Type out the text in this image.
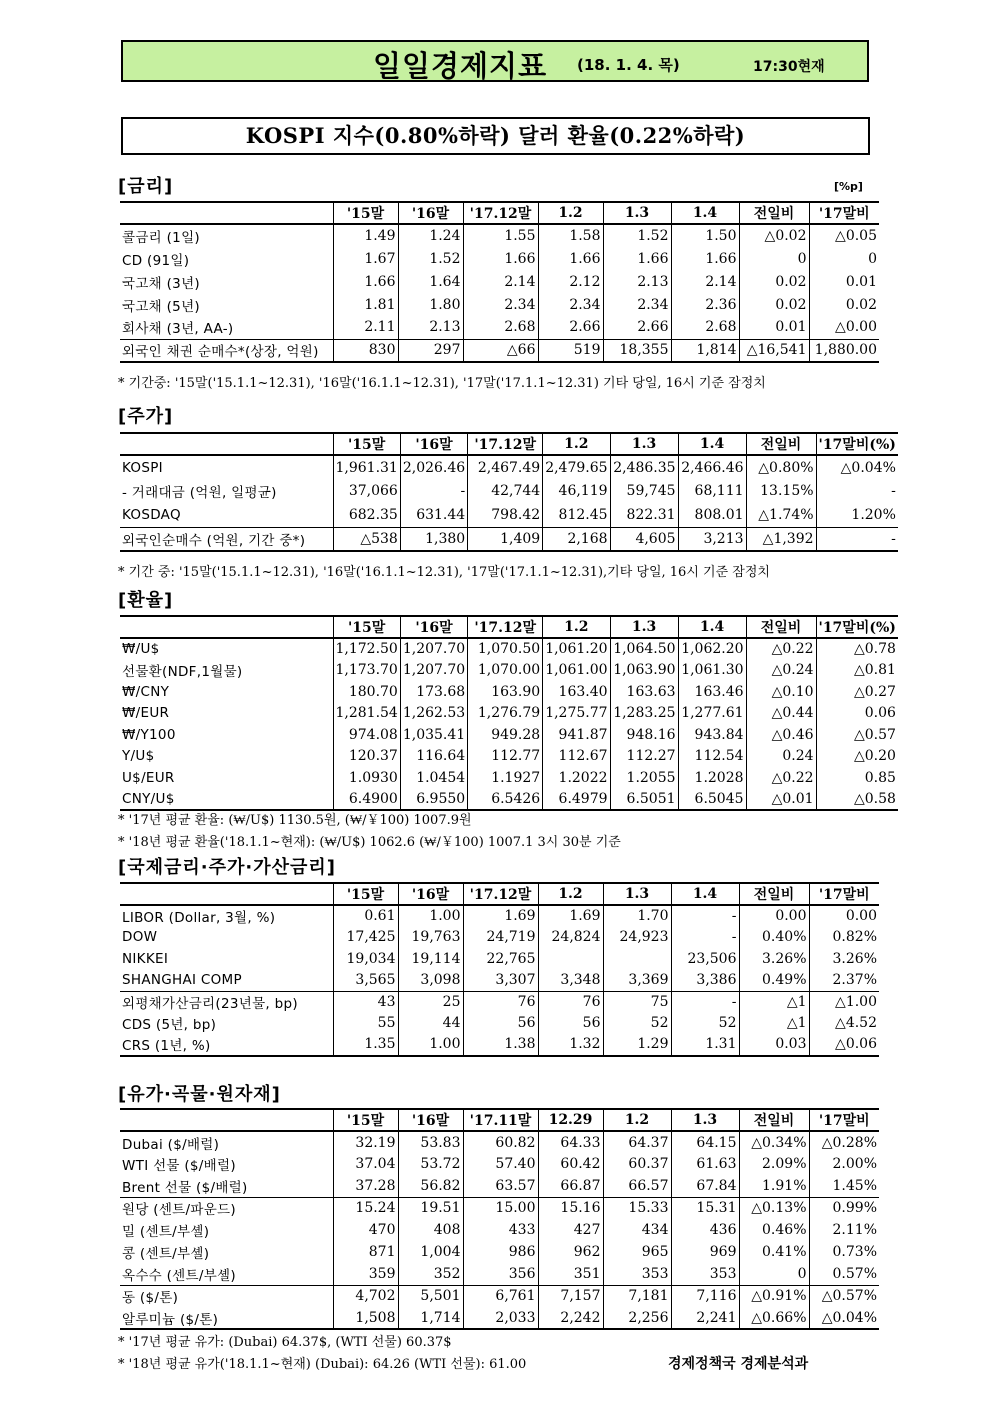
일일경제지표 (18. 1. 4. 목)	17:30현재
KOSPI 지수(0.80%하락) 달러 환율(0.22%하락)
[금리]	[%p]
	'15말	'16말	'17.12말	1.2	1.3	1.4	전일비	'17말비
콜금리 (1일)	1.49	1.24	1.55	1.58	1.52	1.50	△0.02	△0.05
CD (91일)	1.67	1.52	1.66	1.66	1.66	1.66	0	0
국고채 (3년)	1.66	1.64	2.14	2.12	2.13	2.14	0.02	0.01
국고채 (5년)	1.81	1.80	2.34	2.34	2.34	2.36	0.02	0.02
회사채 (3년, AA-)	2.11	2.13	2.68	2.66	2.66	2.68	0.01	△0.00
외국인 채권 순매수*(상장, 억원)	830	297	△66	519	18,355	1,814	△16,541	1,880.00
* 기간중: '15말('15.1.1~12.31), '16말('16.1.1~12.31), '17말('17.1.1~12.31) 기타 당일, 16시 기준 잠정치
[주가]
	'15말	'16말	'17.12말	1.2	1.3	1.4	전일비	'17말비(%)
KOSPI	1,961.31	2,026.46	2,467.49	2,479.65	2,486.35	2,466.46	△0.80%	△0.04%
- 거래대금 (억원, 일평균)	37,066	-	42,744	46,119	59,745	68,111	13.15%	-
KOSDAQ	682.35	631.44	798.42	812.45	822.31	808.01	△1.74%	1.20%
외국인순매수 (억원, 기간 중*)	△538	1,380	1,409	2,168	4,605	3,213	△1,392	-
* 기간 중: '15말('15.1.1~12.31), '16말('16.1.1~12.31), '17말('17.1.1~12.31),기타 당일, 16시 기준 잠정치
[환율]
	'15말	'16말	'17.12말	1.2	1.3	1.4	전일비	'17말비(%)
₩/U$	1,172.50	1,207.70	1,070.50	1,061.20	1,064.50	1,062.20	△0.22	△0.78
선물환(NDF,1월물)	1,173.70	1,207.70	1,070.00	1,061.00	1,063.90	1,061.30	△0.24	△0.81
₩/CNY	180.70	173.68	163.90	163.40	163.63	163.46	△0.10	△0.27
₩/EUR	1,281.54	1,262.53	1,276.79	1,275.77	1,283.25	1,277.61	△0.44	0.06
₩/Y100	974.08	1,035.41	949.28	941.87	948.16	943.84	△0.46	△0.57
Y/U$	120.37	116.64	112.77	112.67	112.27	112.54	0.24	△0.20
U$/EUR	1.0930	1.0454	1.1927	1.2022	1.2055	1.2028	△0.22	0.85
CNY/U$	6.4900	6.9550	6.5426	6.4979	6.5051	6.5045	△0.01	△0.58
* '17년 평균 환율: (₩/U$) 1130.5원, (₩/￥100) 1007.9원
* '18년 평균 환율('18.1.1~현재): (₩/U$) 1062.6 (₩/￥100) 1007.1 3시 30분 기준
[국제금리·주가·가산금리]
	'15말	'16말	'17.12말	1.2	1.3	1.4	전일비	'17말비
LIBOR (Dollar, 3월, %)	0.61	1.00	1.69	1.69	1.70	-	0.00	0.00
DOW	17,425	19,763	24,719	24,824	24,923	-	0.40%	0.82%
NIKKEI	19,034	19,114	22,765			23,506	3.26%	3.26%
SHANGHAI COMP	3,565	3,098	3,307	3,348	3,369	3,386	0.49%	2.37%
외평채가산금리(23년물, bp)	43	25	76	76	75	-	△1	△1.00
CDS (5년, bp)	55	44	56	56	52	52	△1	△4.52
CRS (1년, %)	1.35	1.00	1.38	1.32	1.29	1.31	0.03	△0.06
[유가·곡물·원자재]
	'15말	'16말	'17.11말	12.29	1.2	1.3	전일비	'17말비
Dubai ($/배럴)	32.19	53.83	60.82	64.33	64.37	64.15	△0.34%	△0.28%
WTI 선물 ($/배럴)	37.04	53.72	57.40	60.42	60.37	61.63	2.09%	2.00%
Brent 선물 ($/배럴)	37.28	56.82	63.57	66.87	66.57	67.84	1.91%	1.45%
원당 (센트/파운드)	15.24	19.51	15.00	15.16	15.33	15.31	△0.13%	0.99%
밀 (센트/부셸)	470	408	433	427	434	436	0.46%	2.11%
콩 (센트/부셸)	871	1,004	986	962	965	969	0.41%	0.73%
옥수수 (센트/부셸)	359	352	356	351	353	353	0	0.57%
동 ($/톤)	4,702	5,501	6,761	7,157	7,181	7,116	△0.91%	△0.57%
알루미늄 ($/톤)	1,508	1,714	2,033	2,242	2,256	2,241	△0.66%	△0.04%
* '17년 평균 유가: (Dubai) 64.37$, (WTI 선물) 60.37$
* '18년 평균 유가('18.1.1~현재) (Dubai): 64.26 (WTI 선물): 61.00	경제정책국 경제분석과
